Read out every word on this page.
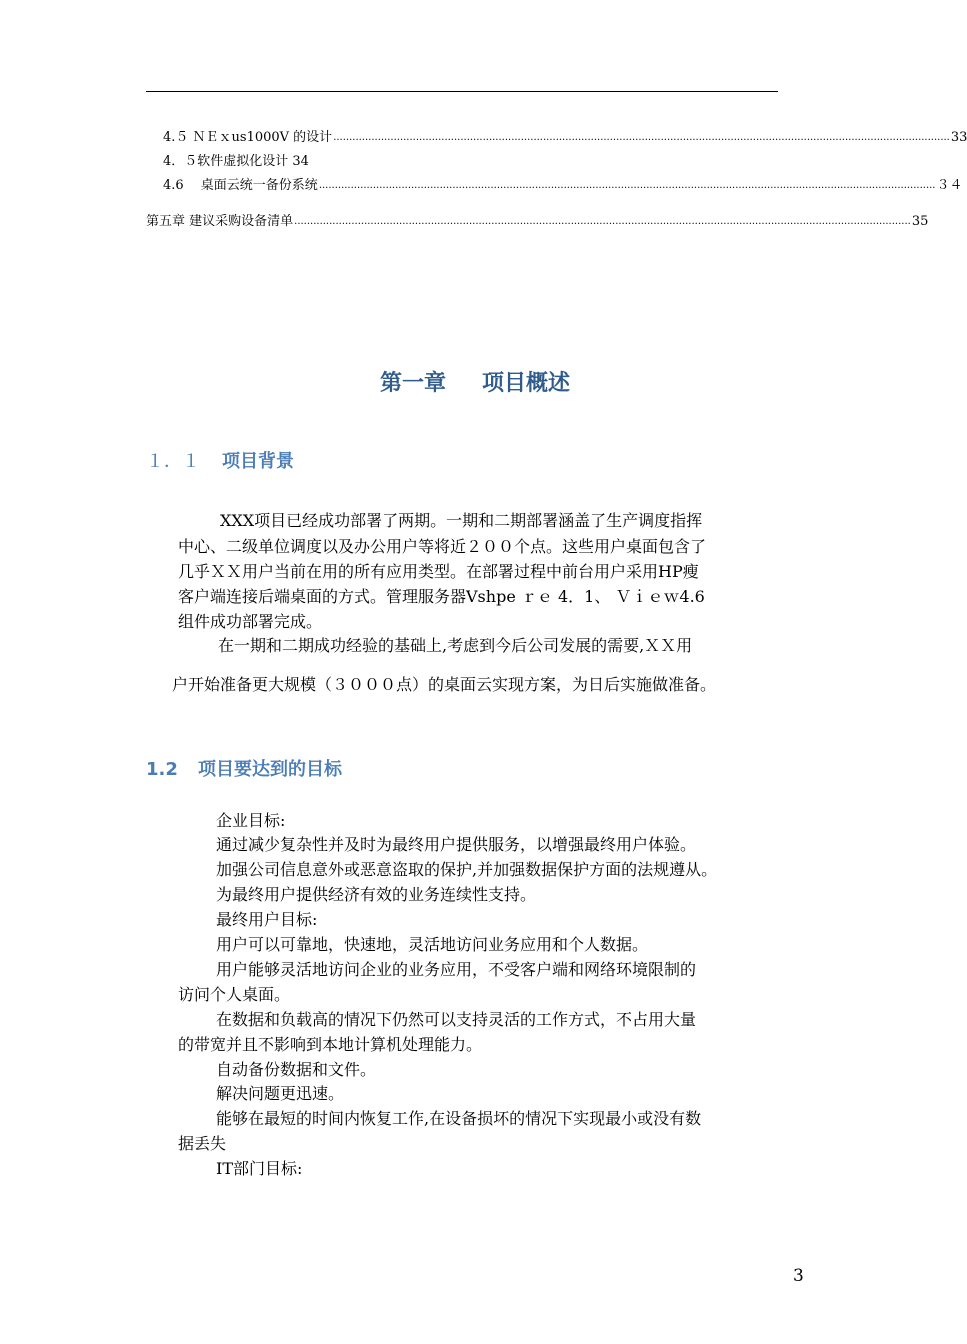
4.５ ＮＥｘus1000V 的设计 .................................................................................................................................................................................................. 33
4．５软件虚拟化设计 34
4.6　 桌面云统一备份系统 .................................................................................................................................................................................................. ３４
第五章 建议采购设备清单 .................................................................................................................................................................................................. 35
第一章 项目概述
１．１ 项目背景
XXX项目已经成功部署了两期。一期和二期部署涵盖了生产调度指挥
中心、二级单位调度以及办公用户等将近２００个点。这些用户桌面包含了
几乎ＸＸ用户当前在用的所有应用类型。在部署过程中前台用户采用HP瘦
客户端连接后端桌面的方式。管理服务器Vshpe ｒｅ 4．1、 Ｖｉｅｗ4.6
组件成功部署完成。
在一期和二期成功经验的基础上,考虑到今后公司发展的需要,ＸＸ用
户开始准备更大规模（３０００点）的桌面云实现方案，为日后实施做准备。
1.2 项目要达到的目标
企业目标:
通过减少复杂性并及时为最终用户提供服务，以增强最终用户体验。
加强公司信息意外或恶意盗取的保护,并加强数据保护方面的法规遵从。
为最终用户提供经济有效的业务连续性支持。
最终用户目标:
用户可以可靠地，快速地，灵活地访问业务应用和个人数据。
用户能够灵活地访问企业的业务应用，不受客户端和网络环境限制的
访问个人桌面。
在数据和负载高的情况下仍然可以支持灵活的工作方式，不占用大量
的带宽并且不影响到本地计算机处理能力。
自动备份数据和文件。
解决问题更迅速。
能够在最短的时间内恢复工作,在设备损坏的情况下实现最小或没有数
据丢失
IT部门目标:
3
